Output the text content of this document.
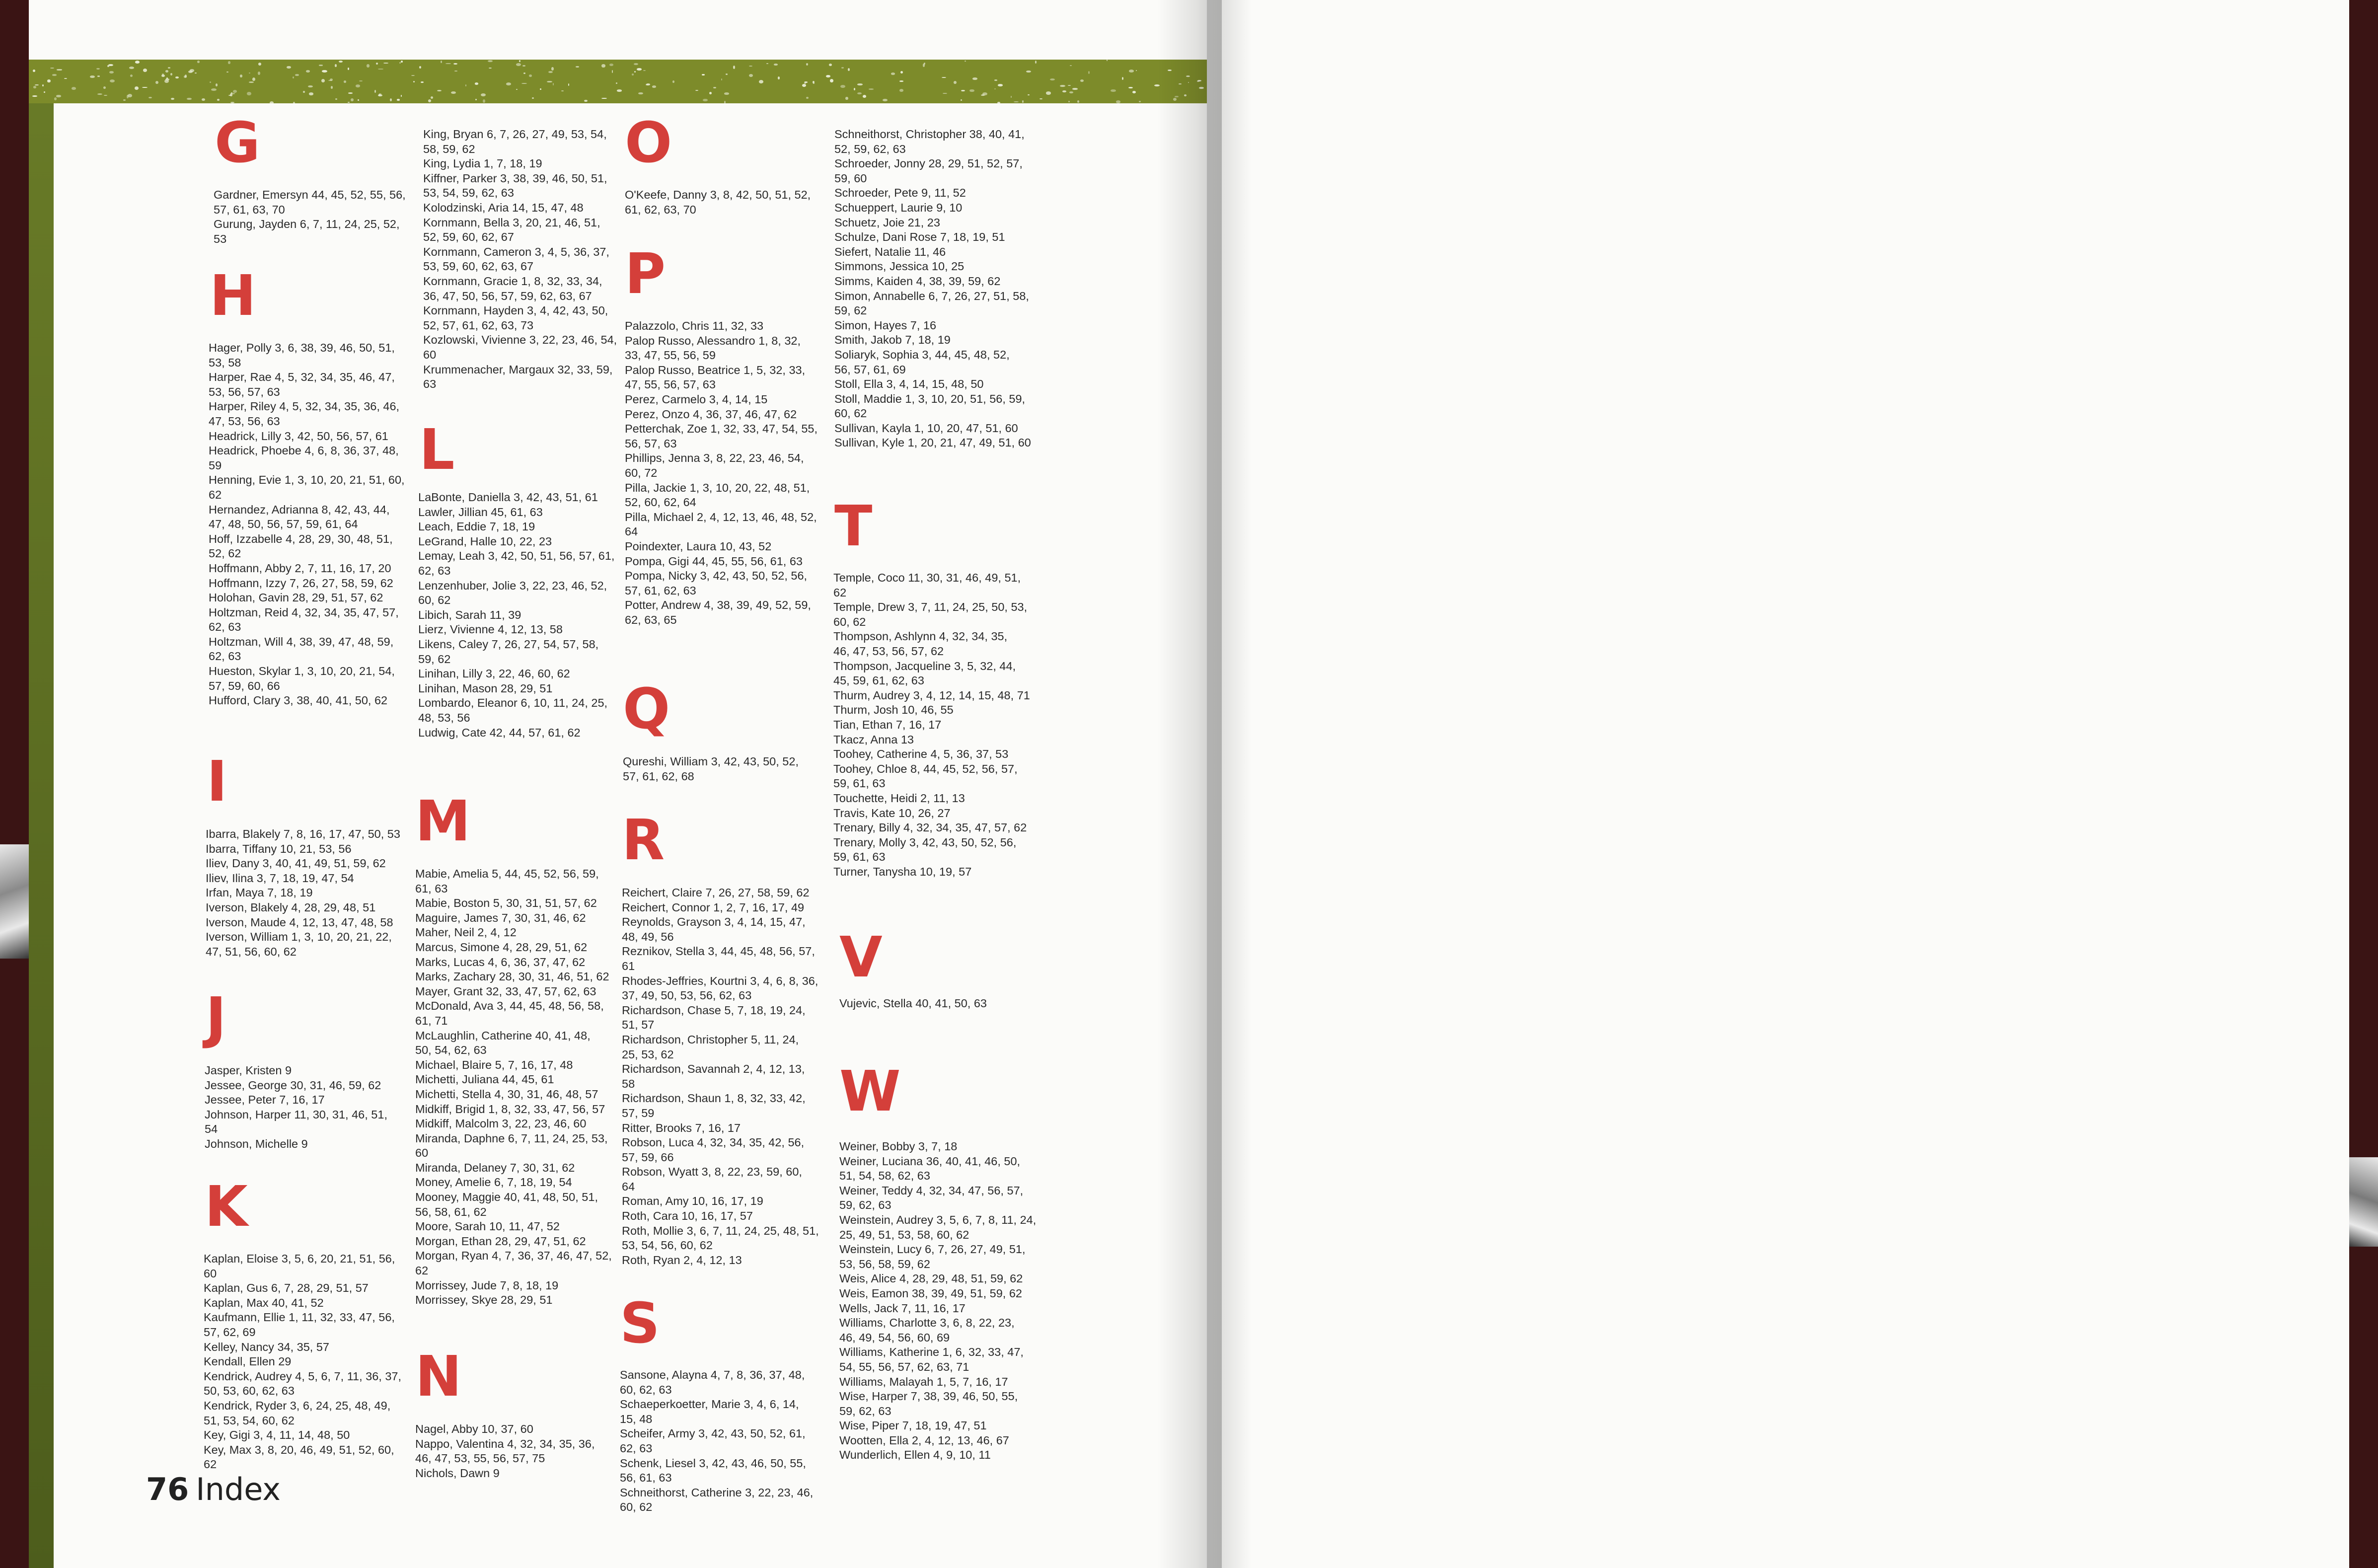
G
Gardner, Emersyn 44, 45, 52, 55, 56,
57, 61, 63, 70
Gurung, Jayden 6, 7, 11, 24, 25, 52,
53
H
Hager, Polly 3, 6, 38, 39, 46, 50, 51,
53, 58
Harper, Rae 4, 5, 32, 34, 35, 46, 47,
53, 56, 57, 63
Harper, Riley 4, 5, 32, 34, 35, 36, 46,
47, 53, 56, 63
Headrick, Lilly 3, 42, 50, 56, 57, 61
Headrick, Phoebe 4, 6, 8, 36, 37, 48,
59
Henning, Evie 1, 3, 10, 20, 21, 51, 60,
62
Hernandez, Adrianna 8, 42, 43, 44,
47, 48, 50, 56, 57, 59, 61, 64
Hoff, Izzabelle 4, 28, 29, 30, 48, 51,
52, 62
Hoffmann, Abby 2, 7, 11, 16, 17, 20
Hoffmann, Izzy 7, 26, 27, 58, 59, 62
Holohan, Gavin 28, 29, 51, 57, 62
Holtzman, Reid 4, 32, 34, 35, 47, 57,
62, 63
Holtzman, Will 4, 38, 39, 47, 48, 59,
62, 63
Hueston, Skylar 1, 3, 10, 20, 21, 54,
57, 59, 60, 66
Hufford, Clary 3, 38, 40, 41, 50, 62
I
Ibarra, Blakely 7, 8, 16, 17, 47, 50, 53
Ibarra, Tiffany 10, 21, 53, 56
Iliev, Dany 3, 40, 41, 49, 51, 59, 62
Iliev, Ilina 3, 7, 18, 19, 47, 54
Irfan, Maya 7, 18, 19
Iverson, Blakely 4, 28, 29, 48, 51
Iverson, Maude 4, 12, 13, 47, 48, 58
Iverson, William 1, 3, 10, 20, 21, 22,
47, 51, 56, 60, 62
J
Jasper, Kristen 9
Jessee, George 30, 31, 46, 59, 62
Jessee, Peter 7, 16, 17
Johnson, Harper 11, 30, 31, 46, 51,
54
Johnson, Michelle 9
K
Kaplan, Eloise 3, 5, 6, 20, 21, 51, 56,
60
Kaplan, Gus 6, 7, 28, 29, 51, 57
Kaplan, Max 40, 41, 52
Kaufmann, Ellie 1, 11, 32, 33, 47, 56,
57, 62, 69
Kelley, Nancy 34, 35, 57
Kendall, Ellen 29
Kendrick, Audrey 4, 5, 6, 7, 11, 36, 37,
50, 53, 60, 62, 63
Kendrick, Ryder 3, 6, 24, 25, 48, 49,
51, 53, 54, 60, 62
Key, Gigi 3, 4, 11, 14, 48, 50
Key, Max 3, 8, 20, 46, 49, 51, 52, 60,
62
King, Bryan 6, 7, 26, 27, 49, 53, 54,
58, 59, 62
King, Lydia 1, 7, 18, 19
Kiffner, Parker 3, 38, 39, 46, 50, 51,
53, 54, 59, 62, 63
Kolodzinski, Aria 14, 15, 47, 48
Kornmann, Bella 3, 20, 21, 46, 51,
52, 59, 60, 62, 67
Kornmann, Cameron 3, 4, 5, 36, 37,
53, 59, 60, 62, 63, 67
Kornmann, Gracie 1, 8, 32, 33, 34,
36, 47, 50, 56, 57, 59, 62, 63, 67
Kornmann, Hayden 3, 4, 42, 43, 50,
52, 57, 61, 62, 63, 73
Kozlowski, Vivienne 3, 22, 23, 46, 54,
60
Krummenacher, Margaux 32, 33, 59,
63
L
LaBonte, Daniella 3, 42, 43, 51, 61
Lawler, Jillian 45, 61, 63
Leach, Eddie 7, 18, 19
LeGrand, Halle 10, 22, 23
Lemay, Leah 3, 42, 50, 51, 56, 57, 61,
62, 63
Lenzenhuber, Jolie 3, 22, 23, 46, 52,
60, 62
Libich, Sarah 11, 39
Lierz, Vivienne 4, 12, 13, 58
Likens, Caley 7, 26, 27, 54, 57, 58,
59, 62
Linihan, Lilly 3, 22, 46, 60, 62
Linihan, Mason 28, 29, 51
Lombardo, Eleanor 6, 10, 11, 24, 25,
48, 53, 56
Ludwig, Cate 42, 44, 57, 61, 62
M
Mabie, Amelia 5, 44, 45, 52, 56, 59,
61, 63
Mabie, Boston 5, 30, 31, 51, 57, 62
Maguire, James 7, 30, 31, 46, 62
Maher, Neil 2, 4, 12
Marcus, Simone 4, 28, 29, 51, 62
Marks, Lucas 4, 6, 36, 37, 47, 62
Marks, Zachary 28, 30, 31, 46, 51, 62
Mayer, Grant 32, 33, 47, 57, 62, 63
McDonald, Ava 3, 44, 45, 48, 56, 58,
61, 71
McLaughlin, Catherine 40, 41, 48,
50, 54, 62, 63
Michael, Blaire 5, 7, 16, 17, 48
Michetti, Juliana 44, 45, 61
Michetti, Stella 4, 30, 31, 46, 48, 57
Midkiff, Brigid 1, 8, 32, 33, 47, 56, 57
Midkiff, Malcolm 3, 22, 23, 46, 60
Miranda, Daphne 6, 7, 11, 24, 25, 53,
60
Miranda, Delaney 7, 30, 31, 62
Money, Amelie 6, 7, 18, 19, 54
Mooney, Maggie 40, 41, 48, 50, 51,
56, 58, 61, 62
Moore, Sarah 10, 11, 47, 52
Morgan, Ethan 28, 29, 47, 51, 62
Morgan, Ryan 4, 7, 36, 37, 46, 47, 52,
62
Morrissey, Jude 7, 8, 18, 19
Morrissey, Skye 28, 29, 51
N
Nagel, Abby 10, 37, 60
Nappo, Valentina 4, 32, 34, 35, 36,
46, 47, 53, 55, 56, 57, 75
Nichols, Dawn 9
O
O'Keefe, Danny 3, 8, 42, 50, 51, 52,
61, 62, 63, 70
P
Palazzolo, Chris 11, 32, 33
Palop Russo, Alessandro 1, 8, 32,
33, 47, 55, 56, 59
Palop Russo, Beatrice 1, 5, 32, 33,
47, 55, 56, 57, 63
Perez, Carmelo 3, 4, 14, 15
Perez, Onzo 4, 36, 37, 46, 47, 62
Petterchak, Zoe 1, 32, 33, 47, 54, 55,
56, 57, 63
Phillips, Jenna 3, 8, 22, 23, 46, 54,
60, 72
Pilla, Jackie 1, 3, 10, 20, 22, 48, 51,
52, 60, 62, 64
Pilla, Michael 2, 4, 12, 13, 46, 48, 52,
64
Poindexter, Laura 10, 43, 52
Pompa, Gigi 44, 45, 55, 56, 61, 63
Pompa, Nicky 3, 42, 43, 50, 52, 56,
57, 61, 62, 63
Potter, Andrew 4, 38, 39, 49, 52, 59,
62, 63, 65
Q
Qureshi, William 3, 42, 43, 50, 52,
57, 61, 62, 68
R
Reichert, Claire 7, 26, 27, 58, 59, 62
Reichert, Connor 1, 2, 7, 16, 17, 49
Reynolds, Grayson 3, 4, 14, 15, 47,
48, 49, 56
Reznikov, Stella 3, 44, 45, 48, 56, 57,
61
Rhodes-Jeffries, Kourtni 3, 4, 6, 8, 36,
37, 49, 50, 53, 56, 62, 63
Richardson, Chase 5, 7, 18, 19, 24,
51, 57
Richardson, Christopher 5, 11, 24,
25, 53, 62
Richardson, Savannah 2, 4, 12, 13,
58
Richardson, Shaun 1, 8, 32, 33, 42,
57, 59
Ritter, Brooks 7, 16, 17
Robson, Luca 4, 32, 34, 35, 42, 56,
57, 59, 66
Robson, Wyatt 3, 8, 22, 23, 59, 60,
64
Roman, Amy 10, 16, 17, 19
Roth, Cara 10, 16, 17, 57
Roth, Mollie 3, 6, 7, 11, 24, 25, 48, 51,
53, 54, 56, 60, 62
Roth, Ryan 2, 4, 12, 13
S
Sansone, Alayna 4, 7, 8, 36, 37, 48,
60, 62, 63
Schaeperkoetter, Marie 3, 4, 6, 14,
15, 48
Scheifer, Army 3, 42, 43, 50, 52, 61,
62, 63
Schenk, Liesel 3, 42, 43, 46, 50, 55,
56, 61, 63
Schneithorst, Catherine 3, 22, 23, 46,
60, 62
Schneithorst, Christopher 38, 40, 41,
52, 59, 62, 63
Schroeder, Jonny 28, 29, 51, 52, 57,
59, 60
Schroeder, Pete 9, 11, 52
Schueppert, Laurie 9, 10
Schuetz, Joie 21, 23
Schulze, Dani Rose 7, 18, 19, 51
Siefert, Natalie 11, 46
Simmons, Jessica 10, 25
Simms, Kaiden 4, 38, 39, 59, 62
Simon, Annabelle 6, 7, 26, 27, 51, 58,
59, 62
Simon, Hayes 7, 16
Smith, Jakob 7, 18, 19
Soliaryk, Sophia 3, 44, 45, 48, 52,
56, 57, 61, 69
Stoll, Ella 3, 4, 14, 15, 48, 50
Stoll, Maddie 1, 3, 10, 20, 51, 56, 59,
60, 62
Sullivan, Kayla 1, 10, 20, 47, 51, 60
Sullivan, Kyle 1, 20, 21, 47, 49, 51, 60
T
Temple, Coco 11, 30, 31, 46, 49, 51,
62
Temple, Drew 3, 7, 11, 24, 25, 50, 53,
60, 62
Thompson, Ashlynn 4, 32, 34, 35,
46, 47, 53, 56, 57, 62
Thompson, Jacqueline 3, 5, 32, 44,
45, 59, 61, 62, 63
Thurm, Audrey 3, 4, 12, 14, 15, 48, 71
Thurm, Josh 10, 46, 55
Tian, Ethan 7, 16, 17
Tkacz, Anna 13
Toohey, Catherine 4, 5, 36, 37, 53
Toohey, Chloe 8, 44, 45, 52, 56, 57,
59, 61, 63
Touchette, Heidi 2, 11, 13
Travis, Kate 10, 26, 27
Trenary, Billy 4, 32, 34, 35, 47, 57, 62
Trenary, Molly 3, 42, 43, 50, 52, 56,
59, 61, 63
Turner, Tanysha 10, 19, 57
V
Vujevic, Stella 40, 41, 50, 63
W
Weiner, Bobby 3, 7, 18
Weiner, Luciana 36, 40, 41, 46, 50,
51, 54, 58, 62, 63
Weiner, Teddy 4, 32, 34, 47, 56, 57,
59, 62, 63
Weinstein, Audrey 3, 5, 6, 7, 8, 11, 24,
25, 49, 51, 53, 58, 60, 62
Weinstein, Lucy 6, 7, 26, 27, 49, 51,
53, 56, 58, 59, 62
Weis, Alice 4, 28, 29, 48, 51, 59, 62
Weis, Eamon 38, 39, 49, 51, 59, 62
Wells, Jack 7, 11, 16, 17
Williams, Charlotte 3, 6, 8, 22, 23,
46, 49, 54, 56, 60, 69
Williams, Katherine 1, 6, 32, 33, 47,
54, 55, 56, 57, 62, 63, 71
Williams, Malayah 1, 5, 7, 16, 17
Wise, Harper 7, 38, 39, 46, 50, 55,
59, 62, 63
Wise, Piper 7, 18, 19, 47, 51
Wootten, Ella 2, 4, 12, 13, 46, 67
Wunderlich, Ellen 4, 9, 10, 11
76 Index
